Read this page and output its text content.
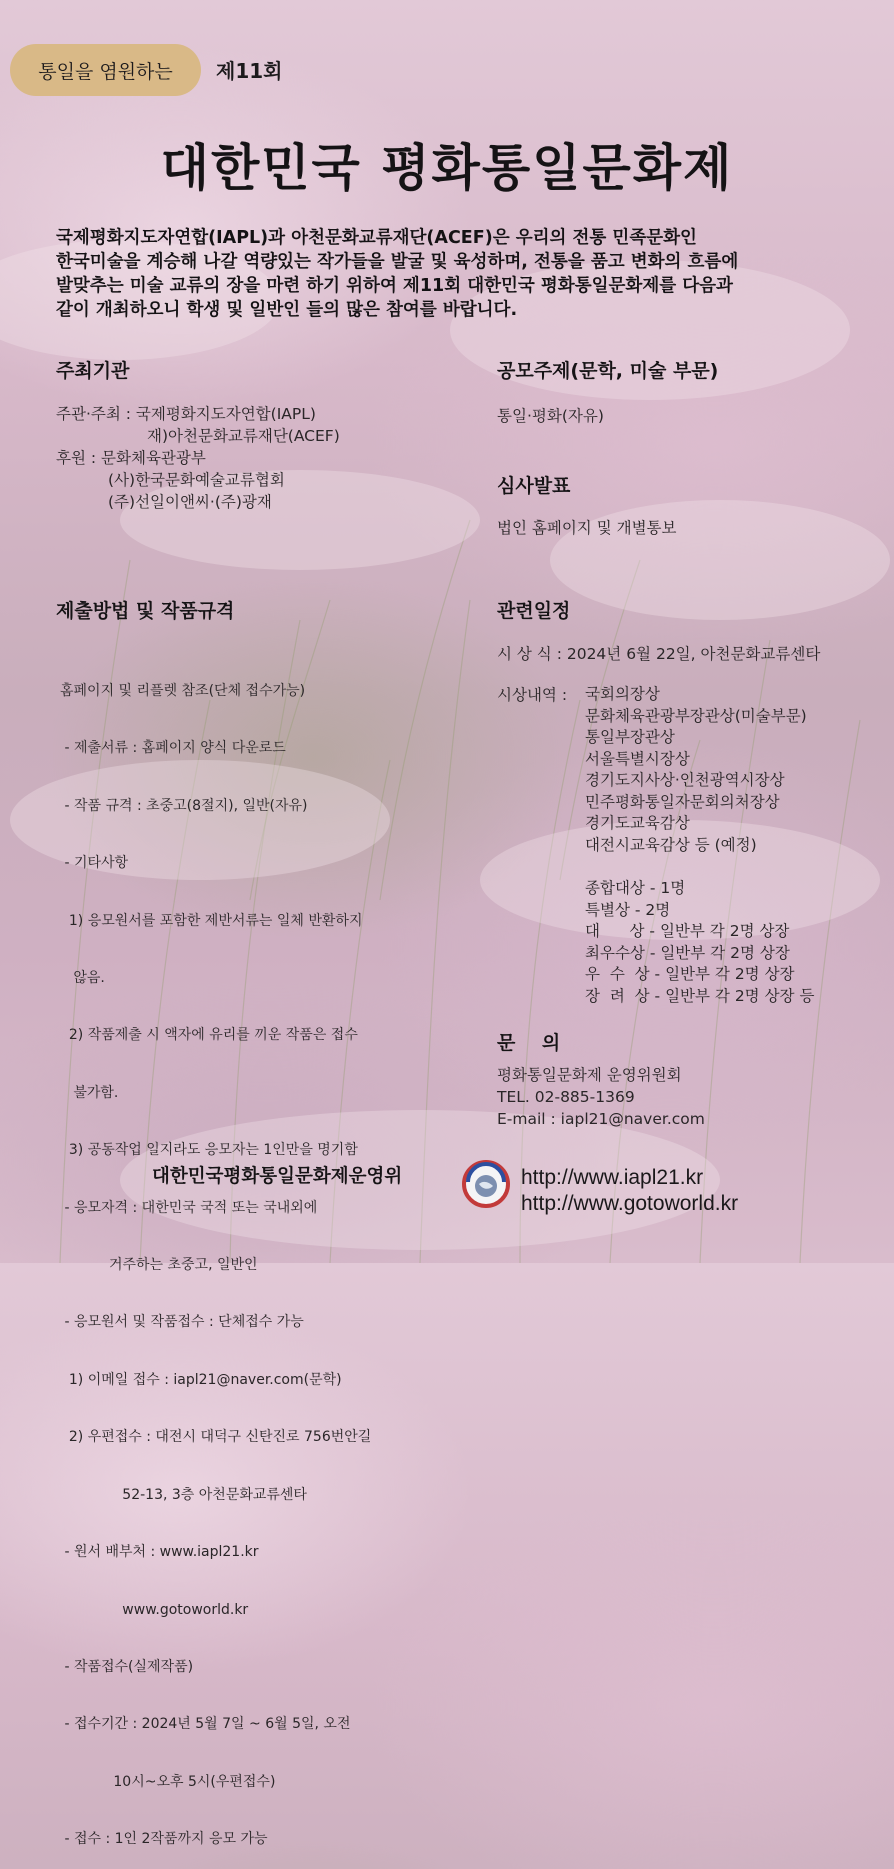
통일을 염원하는 제11회
대한민국 평화통일문화제
국제평화지도자연합(IAPL)과 아천문화교류재단(ACEF)은 우리의 전통 민족문화인
한국미술을 계승해 나갈 역량있는 작가들을 발굴 및 육성하며, 전통을 품고 변화의 흐름에
발맞추는 미술 교류의 장을 마련 하기 위하여 제11회 대한민국 평화통일문화제를 다음과
같이 개최하오니 학생 및 일반인 들의 많은 참여를 바랍니다.
주최기관
주관·주최 : 국제평화지도자연합(IAPL)
재)아천문화교류재단(ACEF)
후원 : 문화체육관광부
(사)한국문화예술교류협회
(주)선일이앤씨·(주)광재
공모주제(문학, 미술 부문)
통일·평화(자유)
심사발표
법인 홈페이지 및 개별통보
제출방법 및 작품규격

홈페이지 및 리플렛 참조(단체 접수가능)

- 제출서류 : 홈페이지 양식 다운로드

- 작품 규격 : 초중고(8절지), 일반(자유)

- 기타사항

1) 응모원서를 포함한 제반서류는 일체 반환하지

않음.

2) 작품제출 시 액자에 유리를 끼운 작품은 접수

불가함.

3) 공동작업 일지라도 응모자는 1인만을 명기함

- 응모자격 : 대한민국 국적 또는 국내외에

거주하는 초중고, 일반인

- 응모원서 및 작품접수 : 단체접수 가능

1) 이메일 접수 : iapl21@naver.com(문학)

2) 우편접수 : 대전시 대덕구 신탄진로 756번안길

52-13, 3층 아천문화교류센타

- 원서 배부처 : www.iapl21.kr

www.gotoworld.kr

- 작품접수(실제작품)

- 접수기간 : 2024년 5월 7일 ~ 6월 5일, 오전

10시~오후 5시(우편접수)

- 접수 : 1인 2작품까지 응모 가능

관련일정
시 상 식 : 2024년 6월 22일, 아천문화교류센타
시상내역 : 국회의장상
문화체육관광부장관상(미술부문)
통일부장관상
서울특별시장상
경기도지사상·인천광역시장상
민주평화통일자문회의처장상
경기도교육감상
대전시교육감상 등 (예정)
종합대상 - 1명
특별상 - 2명
대      상 - 일반부 각 2명 상장
최우수상 - 일반부 각 2명 상장
우  수  상 - 일반부 각 2명 상장
장  려  상 - 일반부 각 2명 상장 등
문    의
평화통일문화제 운영위원회
TEL. 02-885-1369
E-mail : iapl21@naver.com
대한민국평화통일문화제운영위	http://www.iapl21.kr
http://www.gotoworld.kr
